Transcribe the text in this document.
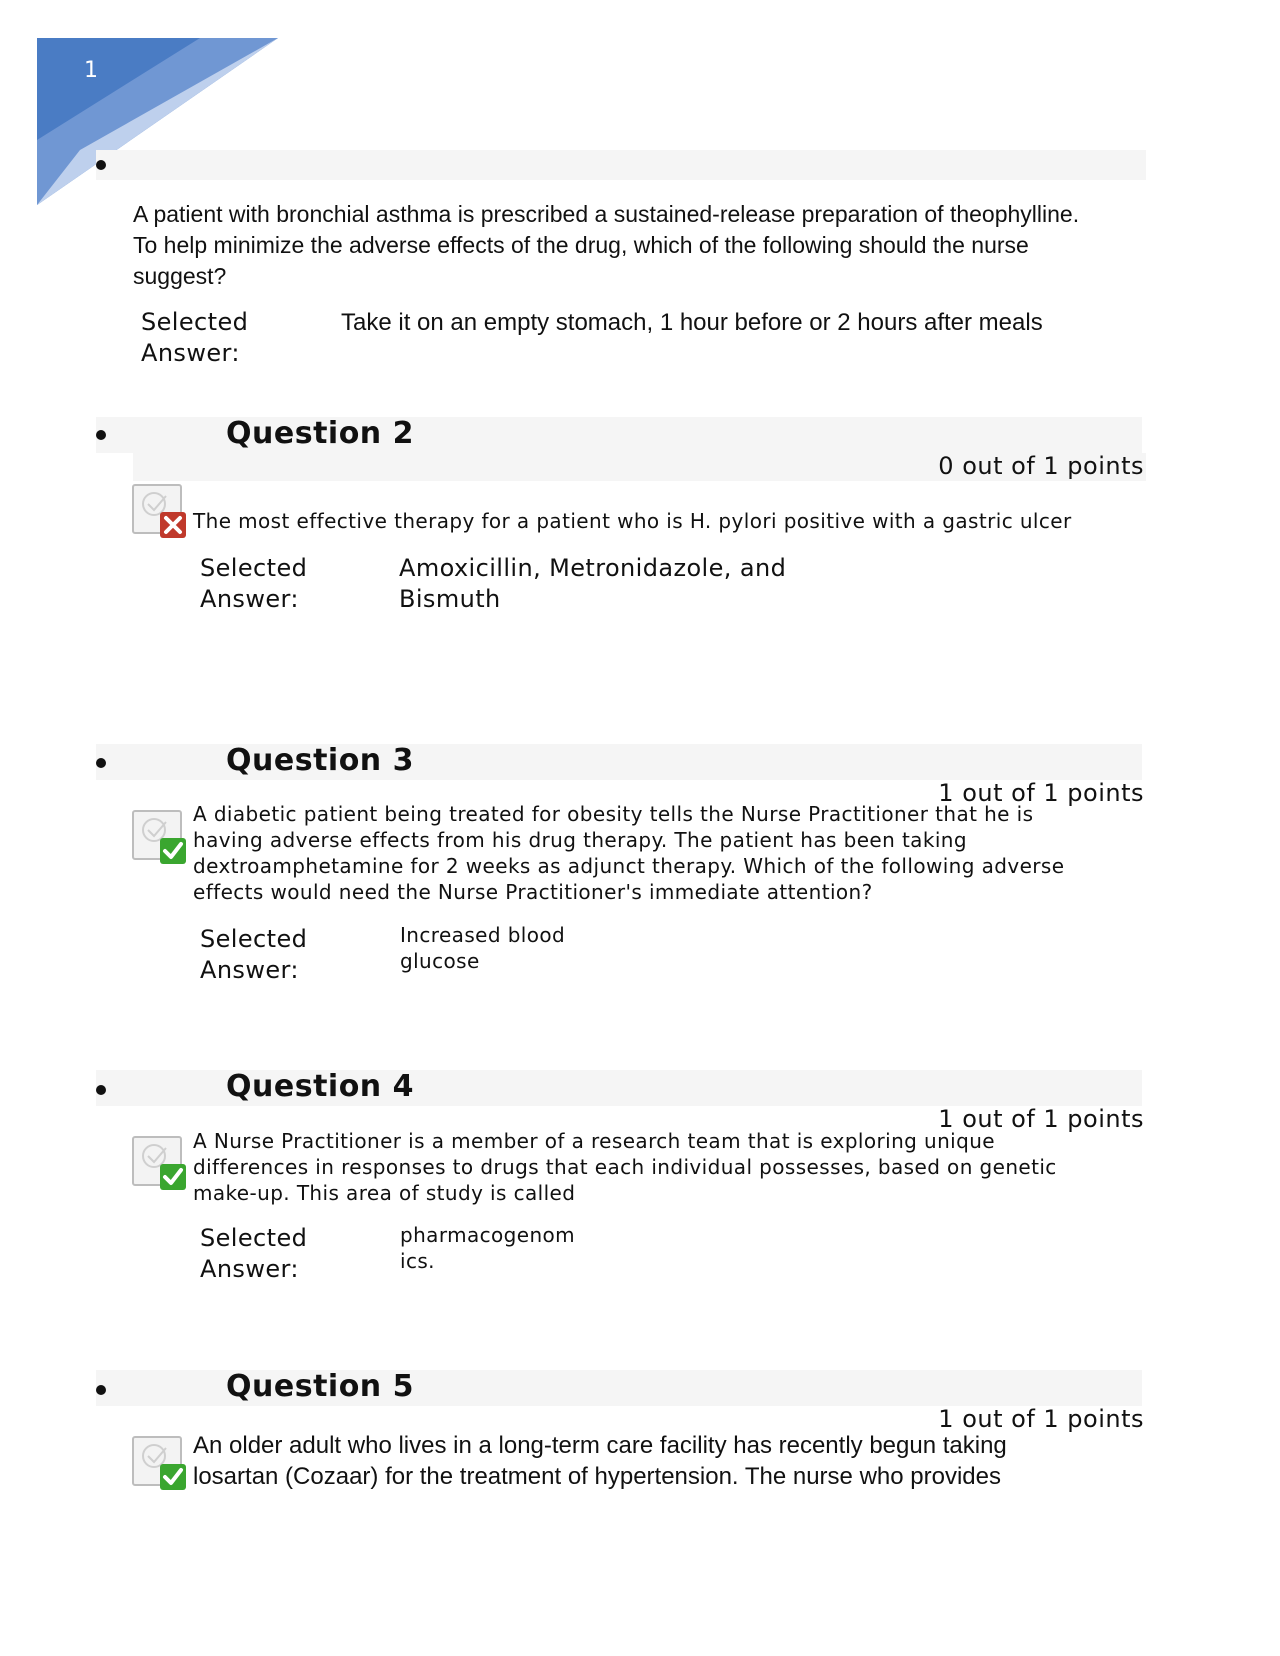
1
A patient with bronchial asthma is prescribed a sustained-release preparation of theophylline. To help minimize the adverse effects of the drug, which of the following should the nurse suggest?
Selected
Answer:
Take it on an empty stomach, 1 hour before or 2 hours after meals
Question 2
0 out of 1 points
The most effective therapy for a patient who is H. pylori positive with a gastric ulcer
Selected
Answer:
Amoxicillin, Metronidazole, and
Bismuth
Question 3
1 out of 1 points
A diabetic patient being treated for obesity tells the Nurse Practitioner that he is
having adverse effects from his drug therapy. The patient has been taking
dextroamphetamine for 2 weeks as adjunct therapy. Which of the following adverse
effects would need the Nurse Practitioner's immediate attention?
Selected
Answer:
Increased blood
glucose
Question 4
1 out of 1 points
A Nurse Practitioner is a member of a research team that is exploring unique
differences in responses to drugs that each individual possesses, based on genetic
make-up. This area of study is called
Selected
Answer:
pharmacogenom
ics.
Question 5
1 out of 1 points
An older adult who lives in a long-term care facility has recently begun taking
losartan (Cozaar) for the treatment of hypertension. The nurse who provides
